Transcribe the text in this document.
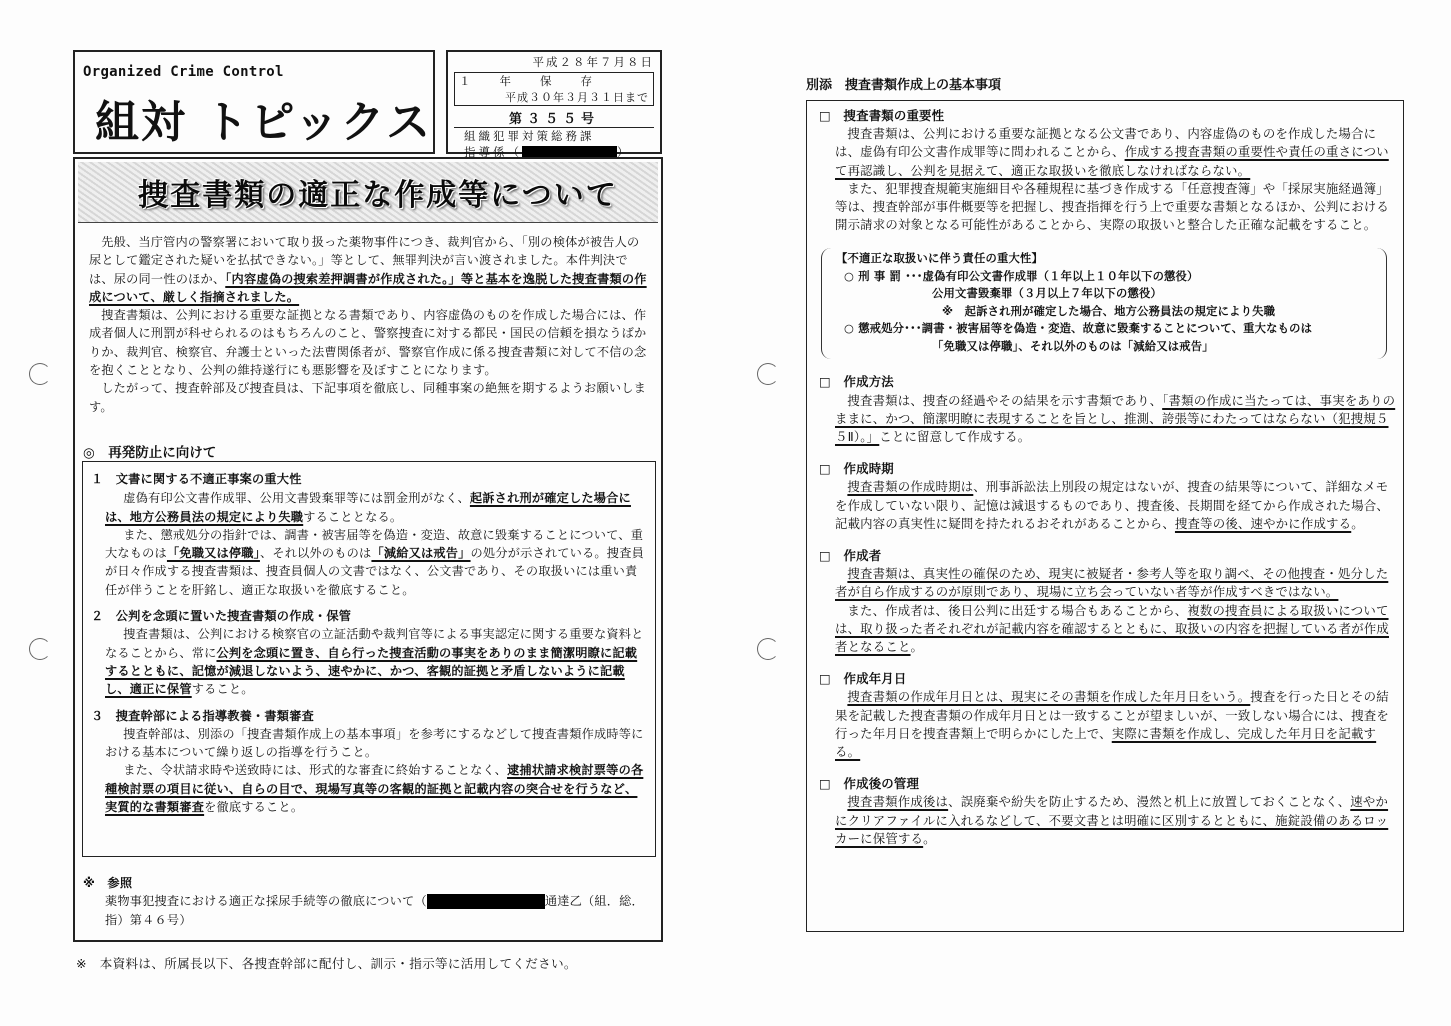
Organized Crime Control
組対 トピックス
平成２８年７月８日
１　　年　　保　　存
平成３０年３月３１日まで
第３５５号
組織犯罪対策総務課
指導係（	）
捜査書類の適正な作成等について

先般、当庁管内の警察署において取り扱った薬物事件につき、裁判官から、「別の検体が被告人の尿として鑑定された疑いを払拭できない。」等として、無罪判決が言い渡されました。本件判決では、尿の同一性のほか、「内容虚偽の捜索差押調書が作成された。」等と基本を逸脱した捜査書類の作成について、厳しく指摘されました。

捜査書類は、公判における重要な証拠となる書類であり、内容虚偽のものを作成した場合には、作成者個人に刑罰が科せられるのはもちろんのこと、警察捜査に対する都民・国民の信頼を損なうばかりか、裁判官、検察官、弁護士といった法曹関係者が、警察官作成に係る捜査書類に対して不信の念を抱くこととなり、公判の維持遂行にも悪影響を及ぼすことになります。

したがって、捜査幹部及び捜査員は、下記事項を徹底し、同種事案の絶無を期するようお願いします。

◎　再発防止に向けて

１　文書に関する不適正事案の重大性

虚偽有印公文書作成罪、公用文書毀棄罪等には罰金刑がなく、起訴され刑が確定した場合には、地方公務員法の規定により失職することとなる。

また、懲戒処分の指針では、調書・被害届等を偽造・変造、故意に毀棄することについて、重大なものは「免職又は停職」、それ以外のものは「減給又は戒告」の処分が示されている。捜査員が日々作成する捜査書類は、捜査員個人の文書ではなく、公文書であり、その取扱いには重い責任が伴うことを肝銘し、適正な取扱いを徹底すること。

２　公判を念頭に置いた捜査書類の作成・保管

捜査書類は、公判における検察官の立証活動や裁判官等による事実認定に関する重要な資料となることから、常に公判を念頭に置き、自ら行った捜査活動の事実をありのまま簡潔明瞭に記載するとともに、記憶が減退しないよう、速やかに、かつ、客観的証拠と矛盾しないように記載し、適正に保管すること。

３　捜査幹部による指導教養・書類審査

捜査幹部は、別添の「捜査書類作成上の基本事項」を参考にするなどして捜査書類作成時等における基本について繰り返しの指導を行うこと。

また、令状請求時や送致時には、形式的な審査に終始することなく、逮捕状請求検討票等の各種検討票の項目に従い、自らの目で、現場写真等の客観的証拠と記載内容の突合せを行うなど、実質的な書類審査を徹底すること。

※　参照

薬物事犯捜査における適正な採尿手続等の徹底について（	通達乙（組．総．指）第４６号）

※　本資料は、所属長以下、各捜査幹部に配付し、訓示・指示等に活用してください。
別添　捜査書類作成上の基本事項

□　 捜査書類の重要性

捜査書類は、公判における重要な証拠となる公文書であり、内容虚偽のものを作成した場合には、虚偽有印公文書作成罪等に問われることから、作成する捜査書類の重要性や責任の重さについて再認識し、公判を見据えて、適正な取扱いを徹底しなければならない。

また、犯罪捜査規範実施細目や各種規程に基づき作成する「任意捜査簿」や「採尿実施経過簿」等は、捜査幹部が事件概要等を把握し、捜査指揮を行う上で重要な書類となるほか、公判における開示請求の対象となる可能性があることから、実際の取扱いと整合した正確な記載をすること。

【不適正な取扱いに伴う責任の重大性】

○ 刑 事 罰 ･･･虚偽有印公文書作成罪（１年以上１０年以下の懲役）

公用文書毀棄罪（３月以上７年以下の懲役）

※　起訴され刑が確定した場合、地方公務員法の規定により失職

○ 懲戒処分･･･調書・被害届等を偽造・変造、故意に毀棄することについて、重大なものは

「免職又は停職」、それ以外のものは「減給又は戒告」

□　 作成方法

捜査書類は、捜査の経過やその結果を示す書類であり、「書類の作成に当たっては、事実をありのままに、かつ、簡潔明瞭に表現することを旨とし、推測、誇張等にわたってはならない（犯捜規５５Ⅱ）。」ことに留意して作成する。

□　 作成時期

捜査書類の作成時期は、刑事訴訟法上別段の規定はないが、捜査の結果等について、詳細なメモを作成していない限り、記憶は減退するものであり、捜査後、長期間を経てから作成された場合、記載内容の真実性に疑問を持たれるおそれがあることから、捜査等の後、速やかに作成する。

□　 作成者

捜査書類は、真実性の確保のため、現実に被疑者・参考人等を取り調べ、その他捜査・処分した者が自ら作成するのが原則であり、現場に立ち会っていない者等が作成すべきではない。

また、作成者は、後日公判に出廷する場合もあることから、複数の捜査員による取扱いについては、取り扱った者それぞれが記載内容を確認するとともに、取扱いの内容を把握している者が作成者となること。

□　 作成年月日

捜査書類の作成年月日とは、現実にその書類を作成した年月日をいう。捜査を行った日とその結果を記載した捜査書類の作成年月日とは一致することが望ましいが、一致しない場合には、捜査を行った年月日を捜査書類上で明らかにした上で、実際に書類を作成し、完成した年月日を記載する。

□　 作成後の管理

捜査書類作成後は、誤廃棄や紛失を防止するため、漫然と机上に放置しておくことなく、速やかにクリアファイルに入れるなどして、不要文書とは明確に区別するとともに、施錠設備のあるロッカーに保管する。
